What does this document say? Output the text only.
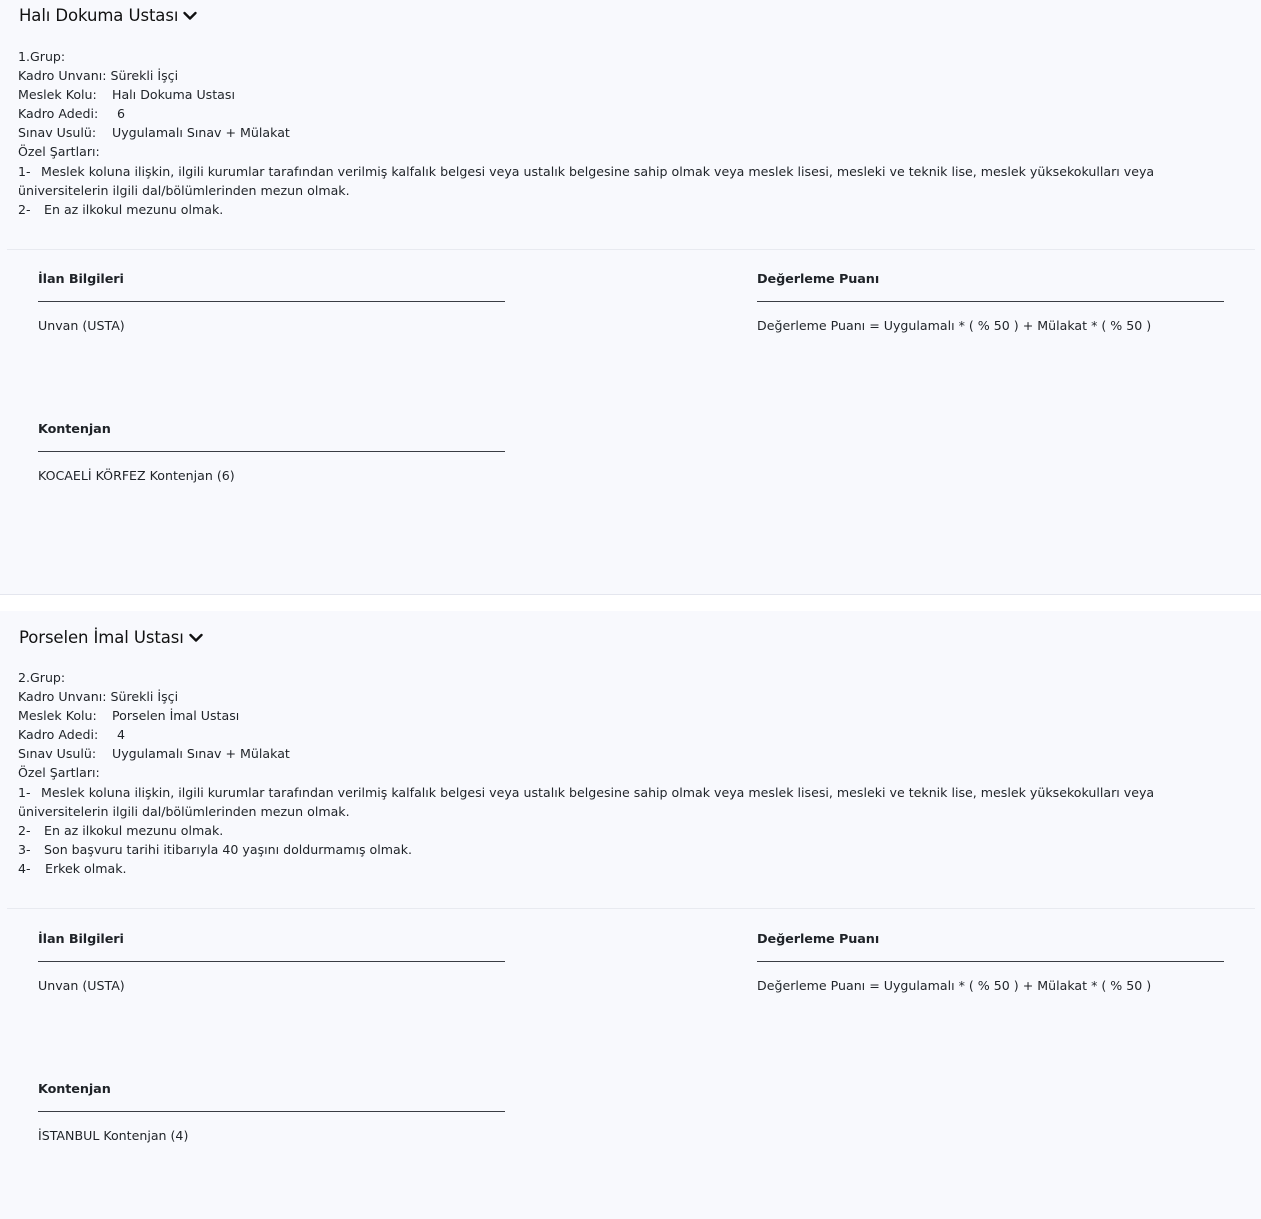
Halı Dokuma Ustası
1.Grup:
Kadro Unvanı: Sürekli İşçi
Meslek Kolu: Halı Dokuma Ustası
Kadro Adedi: 6
Sınav Usulü: Uygulamalı Sınav + Mülakat
Özel Şartları:
1- Meslek koluna ilişkin, ilgili kurumlar tarafından verilmiş kalfalık belgesi veya ustalık belgesine sahip olmak veya meslek lisesi, mesleki ve teknik lise, meslek yüksekokulları veya üniversitelerin ilgili dal/bölümlerinden mezun olmak.
2- En az ilkokul mezunu olmak.
İlan Bilgileri
Unvan (USTA)
Değerleme Puanı
Değerleme Puanı = Uygulamalı * ( % 50 ) + Mülakat * ( % 50 )
Kontenjan
KOCAELİ KÖRFEZ Kontenjan (6)
Porselen İmal Ustası
2.Grup:
Kadro Unvanı: Sürekli İşçi
Meslek Kolu: Porselen İmal Ustası
Kadro Adedi: 4
Sınav Usulü: Uygulamalı Sınav + Mülakat
Özel Şartları:
1- Meslek koluna ilişkin, ilgili kurumlar tarafından verilmiş kalfalık belgesi veya ustalık belgesine sahip olmak veya meslek lisesi, mesleki ve teknik lise, meslek yüksekokulları veya üniversitelerin ilgili dal/bölümlerinden mezun olmak.
2- En az ilkokul mezunu olmak.
3- Son başvuru tarihi itibarıyla 40 yaşını doldurmamış olmak.
4- Erkek olmak.
İlan Bilgileri
Unvan (USTA)
Değerleme Puanı
Değerleme Puanı = Uygulamalı * ( % 50 ) + Mülakat * ( % 50 )
Kontenjan
İSTANBUL Kontenjan (4)
